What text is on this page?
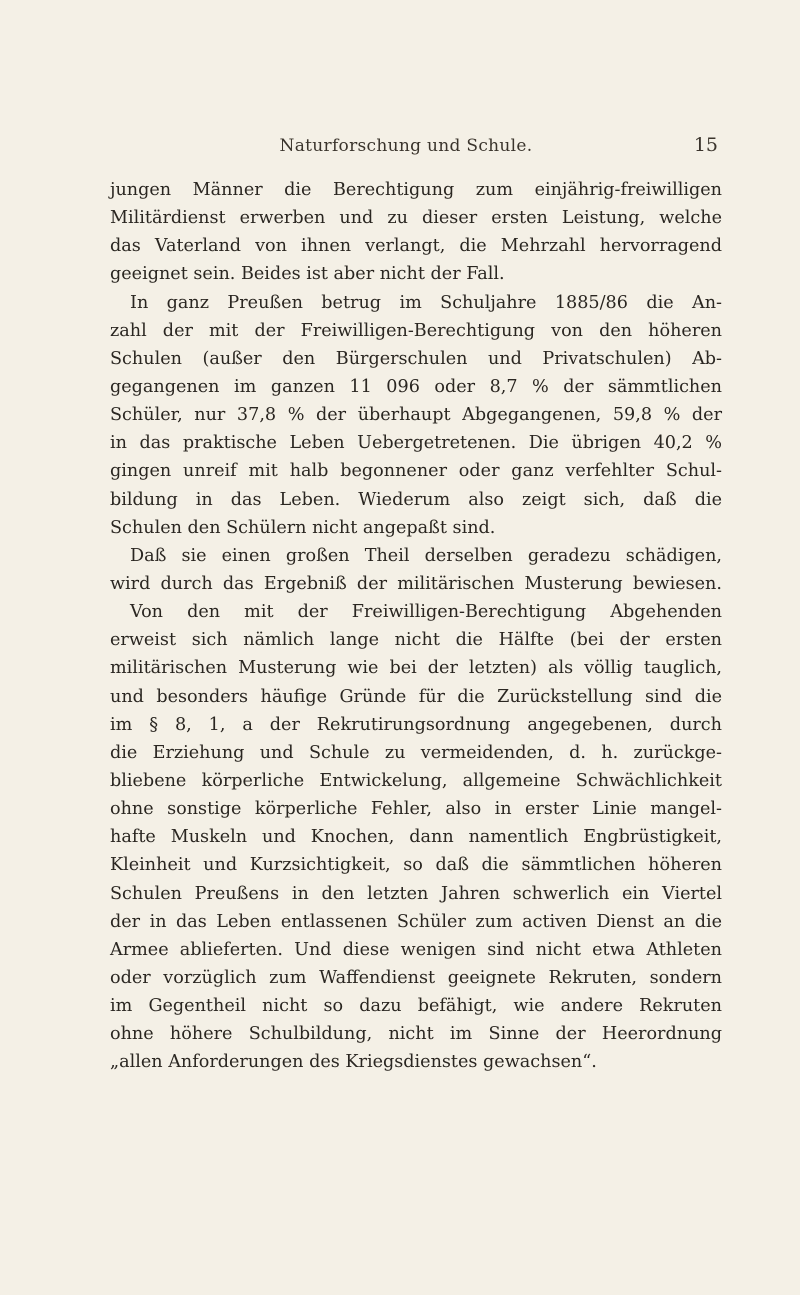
Naturforschung und Schule.	15
jungen Männer die Berechtigung zum einjährig-freiwilligen
Militärdienst erwerben und zu dieser ersten Leistung, welche
das Vaterland von ihnen verlangt, die Mehrzahl hervorragend
geeignet sein. Beides ist aber nicht der Fall.
In ganz Preußen betrug im Schuljahre 1885/86 die An-
zahl der mit der Freiwilligen-Berechtigung von den höheren
Schulen (außer den Bürgerschulen und Privatschulen) Ab-
gegangenen im ganzen 11 096 oder 8,7 % der sämmtlichen
Schüler, nur 37,8 % der überhaupt Abgegangenen, 59,8 % der
in das praktische Leben Uebergetretenen. Die übrigen 40,2 %
gingen unreif mit halb begonnener oder ganz verfehlter Schul-
bildung in das Leben. Wiederum also zeigt sich, daß die
Schulen den Schülern nicht angepaßt sind.
Daß sie einen großen Theil derselben geradezu schädigen,
wird durch das Ergebniß der militärischen Musterung bewiesen.
Von den mit der Freiwilligen-Berechtigung Abgehenden
erweist sich nämlich lange nicht die Hälfte (bei der ersten
militärischen Musterung wie bei der letzten) als völlig tauglich,
und besonders häufige Gründe für die Zurückstellung sind die
im § 8, 1, a der Rekrutirungsordnung angegebenen, durch
die Erziehung und Schule zu vermeidenden, d. h. zurückge-
bliebene körperliche Entwickelung, allgemeine Schwächlichkeit
ohne sonstige körperliche Fehler, also in erster Linie mangel-
hafte Muskeln und Knochen, dann namentlich Engbrüstigkeit,
Kleinheit und Kurzsichtigkeit, so daß die sämmtlichen höheren
Schulen Preußens in den letzten Jahren schwerlich ein Viertel
der in das Leben entlassenen Schüler zum activen Dienst an die
Armee ablieferten. Und diese wenigen sind nicht etwa Athleten
oder vorzüglich zum Waffendienst geeignete Rekruten, sondern
im Gegentheil nicht so dazu befähigt, wie andere Rekruten
ohne höhere Schulbildung, nicht im Sinne der Heerordnung
„allen Anforderungen des Kriegsdienstes gewachsen“.
